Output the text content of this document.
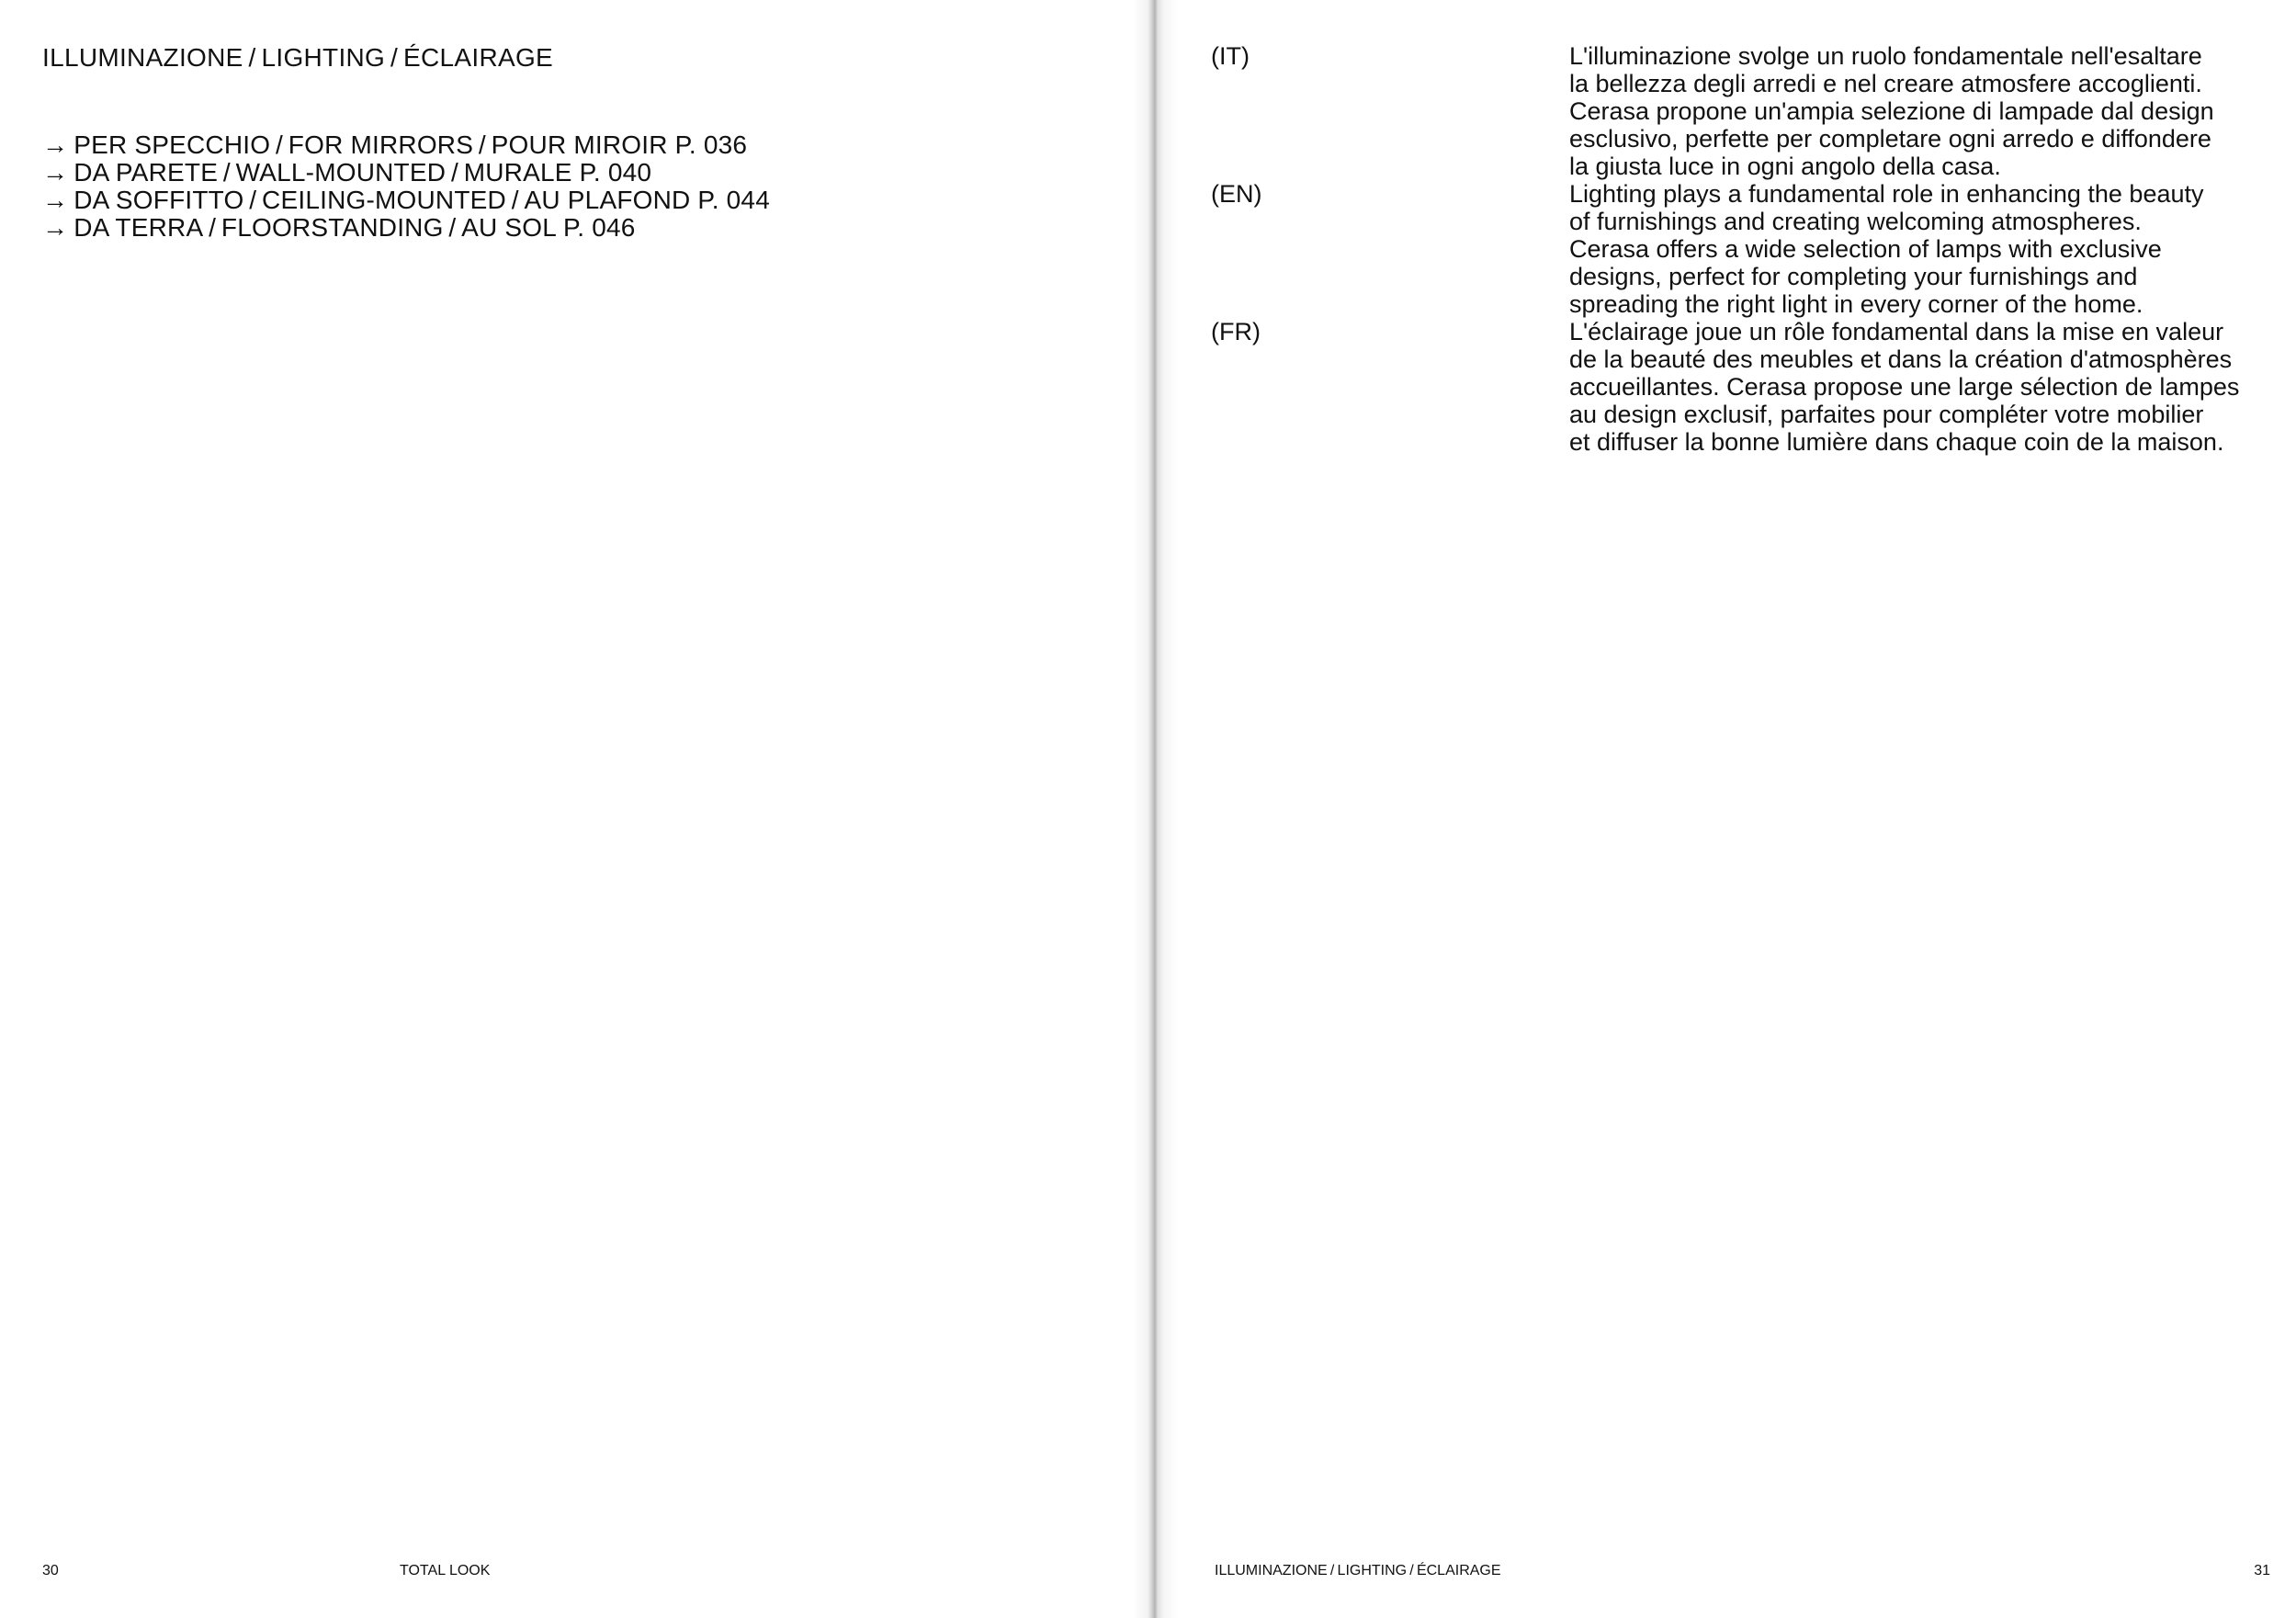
ILLUMINAZIONE / LIGHTING / ÉCLAIRAGE
→ PER SPECCHIO / FOR MIRRORS / POUR MIROIR P. 036
→ DA PARETE / WALL-MOUNTED / MURALE P. 040
→ DA SOFFITTO / CEILING-MOUNTED / AU PLAFOND P. 044
→ DA TERRA / FLOORSTANDING / AU SOL P. 046
30	TOTAL LOOK
(IT)	L'illuminazione svolge un ruolo fondamentale nell'esaltare
la bellezza degli arredi e nel creare atmosfere accoglienti.
Cerasa propone un'ampia selezione di lampade dal design
esclusivo, perfette per completare ogni arredo e diffondere
la giusta luce in ogni angolo della casa.

(EN)	Lighting plays a fundamental role in enhancing the beauty
of furnishings and creating welcoming atmospheres.
Cerasa offers a wide selection of lamps with exclusive
designs, perfect for completing your furnishings and
spreading the right light in every corner of the home.

(FR)	L'éclairage joue un rôle fondamental dans la mise en valeur
de la beauté des meubles et dans la création d'atmosphères
accueillantes. Cerasa propose une large sélection de lampes
au design exclusif, parfaites pour compléter votre mobilier
et diffuser la bonne lumière dans chaque coin de la maison.

ILLUMINAZIONE / LIGHTING / ÉCLAIRAGE	31
